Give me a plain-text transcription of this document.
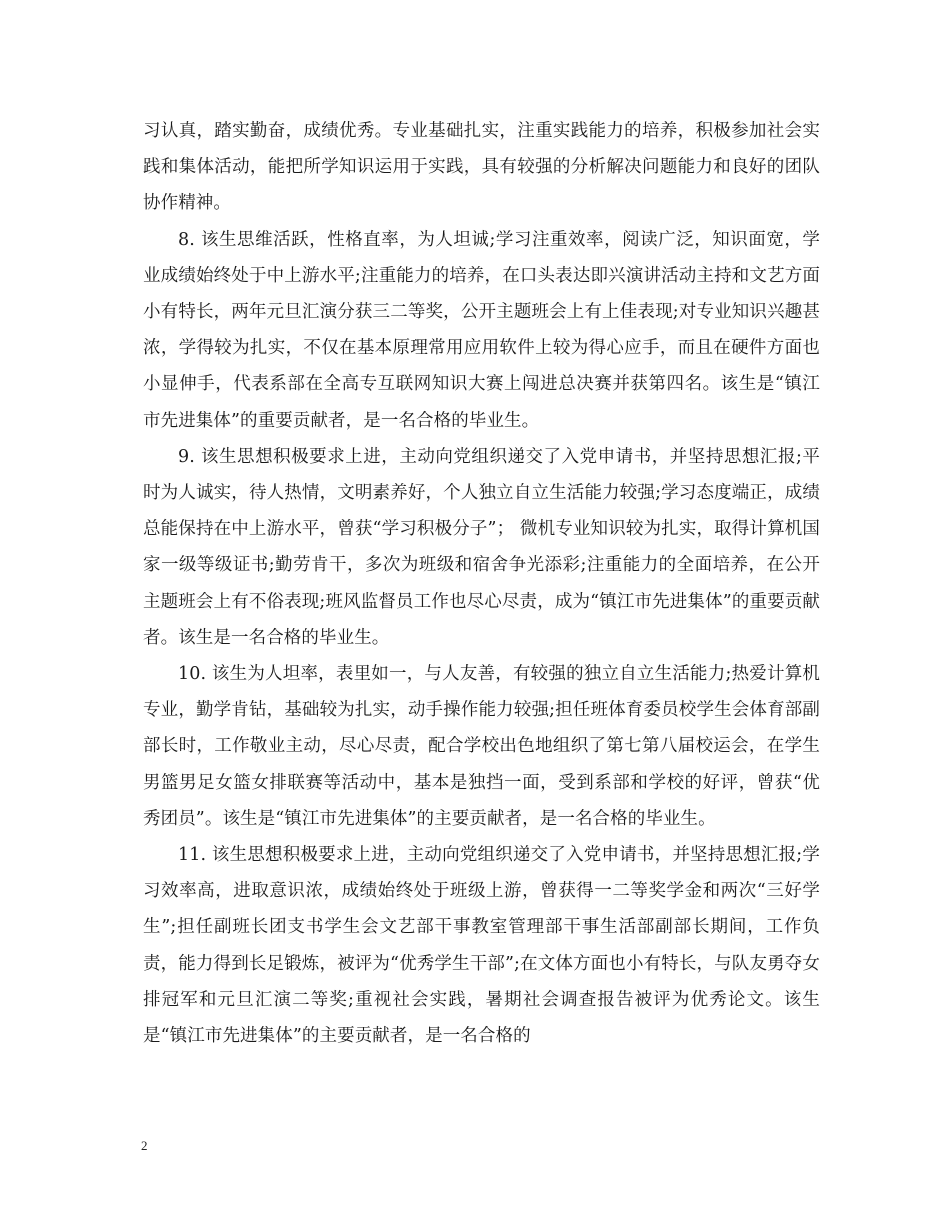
习认真，踏实勤奋，成绩优秀。专业基础扎实，注重实践能力的培养，积极参加社会实践和集体活动，能把所学知识运用于实践，具有较强的分析解决问题能力和良好的团队协作精神。

8. 该生思维活跃，性格直率，为人坦诚;学习注重效率，阅读广泛，知识面宽，学业成绩始终处于中上游水平;注重能力的培养，在口头表达即兴演讲活动主持和文艺方面小有特长，两年元旦汇演分获三二等奖，公开主题班会上有上佳表现;对专业知识兴趣甚浓，学得较为扎实，不仅在基本原理常用应用软件上较为得心应手，而且在硬件方面也小显伸手，代表系部在全高专互联网知识大赛上闯进总决赛并获第四名。该生是“镇江市先进集体”的重要贡献者，是一名合格的毕业生。

9. 该生思想积极要求上进，主动向党组织递交了入党申请书，并坚持思想汇报;平时为人诚实，待人热情，文明素养好，个人独立自立生活能力较强;学习态度端正，成绩总能保持在中上游水平，曾获“学习积极分子”； 微机专业知识较为扎实，取得计算机国家一级等级证书;勤劳肯干，多次为班级和宿舍争光添彩;注重能力的全面培养，在公开主题班会上有不俗表现;班风监督员工作也尽心尽责，成为“镇江市先进集体”的重要贡献者。该生是一名合格的毕业生。

10. 该生为人坦率，表里如一，与人友善，有较强的独立自立生活能力;热爱计算机专业，勤学肯钻，基础较为扎实，动手操作能力较强;担任班体育委员校学生会体育部副部长时，工作敬业主动，尽心尽责，配合学校出色地组织了第七第八届校运会，在学生男篮男足女篮女排联赛等活动中，基本是独挡一面，受到系部和学校的好评，曾获“优秀团员”。该生是“镇江市先进集体”的主要贡献者，是一名合格的毕业生。

11. 该生思想积极要求上进，主动向党组织递交了入党申请书，并坚持思想汇报;学习效率高，进取意识浓，成绩始终处于班级上游，曾获得一二等奖学金和两次“三好学生”;担任副班长团支书学生会文艺部干事教室管理部干事生活部副部长期间，工作负责，能力得到长足锻炼，被评为“优秀学生干部”;在文体方面也小有特长，与队友勇夺女排冠军和元旦汇演二等奖;重视社会实践，暑期社会调查报告被评为优秀论文。该生是“镇江市先进集体”的主要贡献者，是一名合格的

2
